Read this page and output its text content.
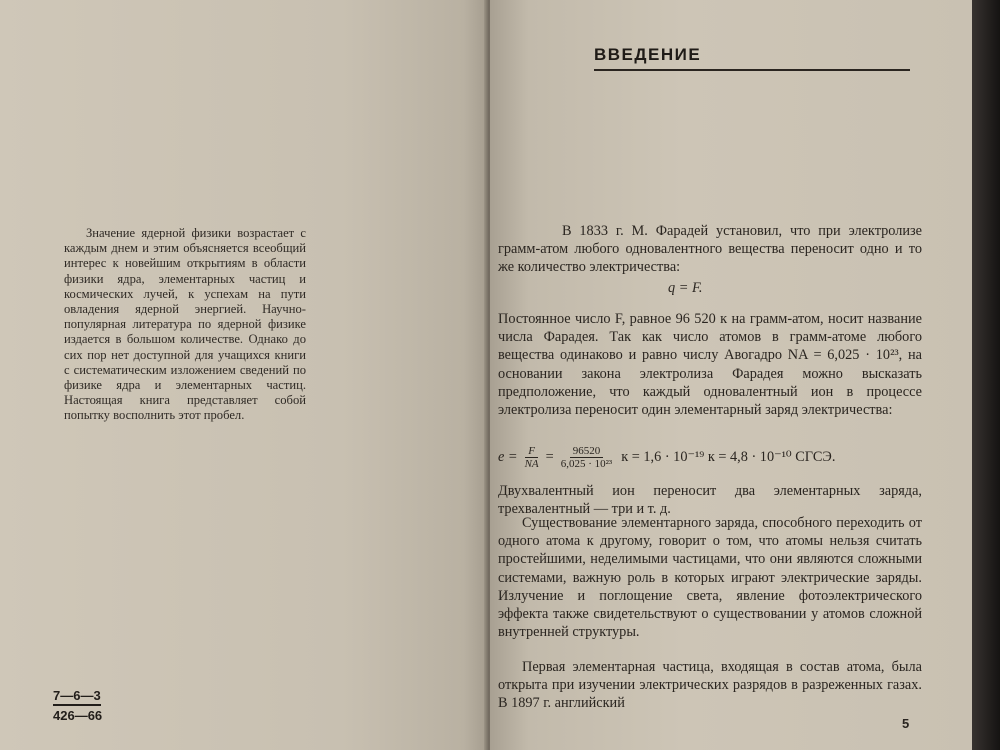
Значение ядерной физики возрастает с каждым днем и этим объясняется всеобщий интерес к новейшим открытиям в области физики ядра, элементарных частиц и космических лучей, к успехам на пути овладения ядерной энергией. Научно-популярная литература по ядерной физике издается в большом количестве. Однако до сих пор нет доступной для учащихся книги с систематическим изложением сведений по физике ядра и элементарных частиц. Настоящая книга представляет собой попытку восполнить этот пробел.
7—6—3
426—66
ВВЕДЕНИЕ
В 1833 г. М. Фарадей установил, что при электролизе грамм-атом любого одновалентного вещества переносит одно и то же количество электричества:
q = F.
Постоянное число F, равное 96 520 к на грамм-атом, носит название числа Фарадея. Так как число атомов в грамм-атоме любого вещества одинаково и равно числу Авогадро NA = 6,025 · 10²³, на основании закона электролиза Фарадея можно высказать предположение, что каждый одновалентный ион в процессе электролиза переносит один элементарный заряд электричества:
$e = \frac{F}{NA} = \frac{96520}{\text{6,025 · 10²³}}$ к = 1,6 · 10⁻¹⁹ к = 4,8 · 10⁻¹⁰ СГСЭ.
Двухвалентный ион переносит два элементарных заряда, трехвалентный — три и т. д.
Существование элементарного заряда, способного переходить от одного атома к другому, говорит о том, что атомы нельзя считать простейшими, неделимыми частицами, что они являются сложными системами, важную роль в которых играют электрические заряды. Излучение и поглощение света, явление фотоэлектрического эффекта также свидетельствуют о существовании у атомов сложной внутренней структуры.
Первая элементарная частица, входящая в состав атома, была открыта при изучении электрических разрядов в разреженных газах. В 1897 г. английский
5
